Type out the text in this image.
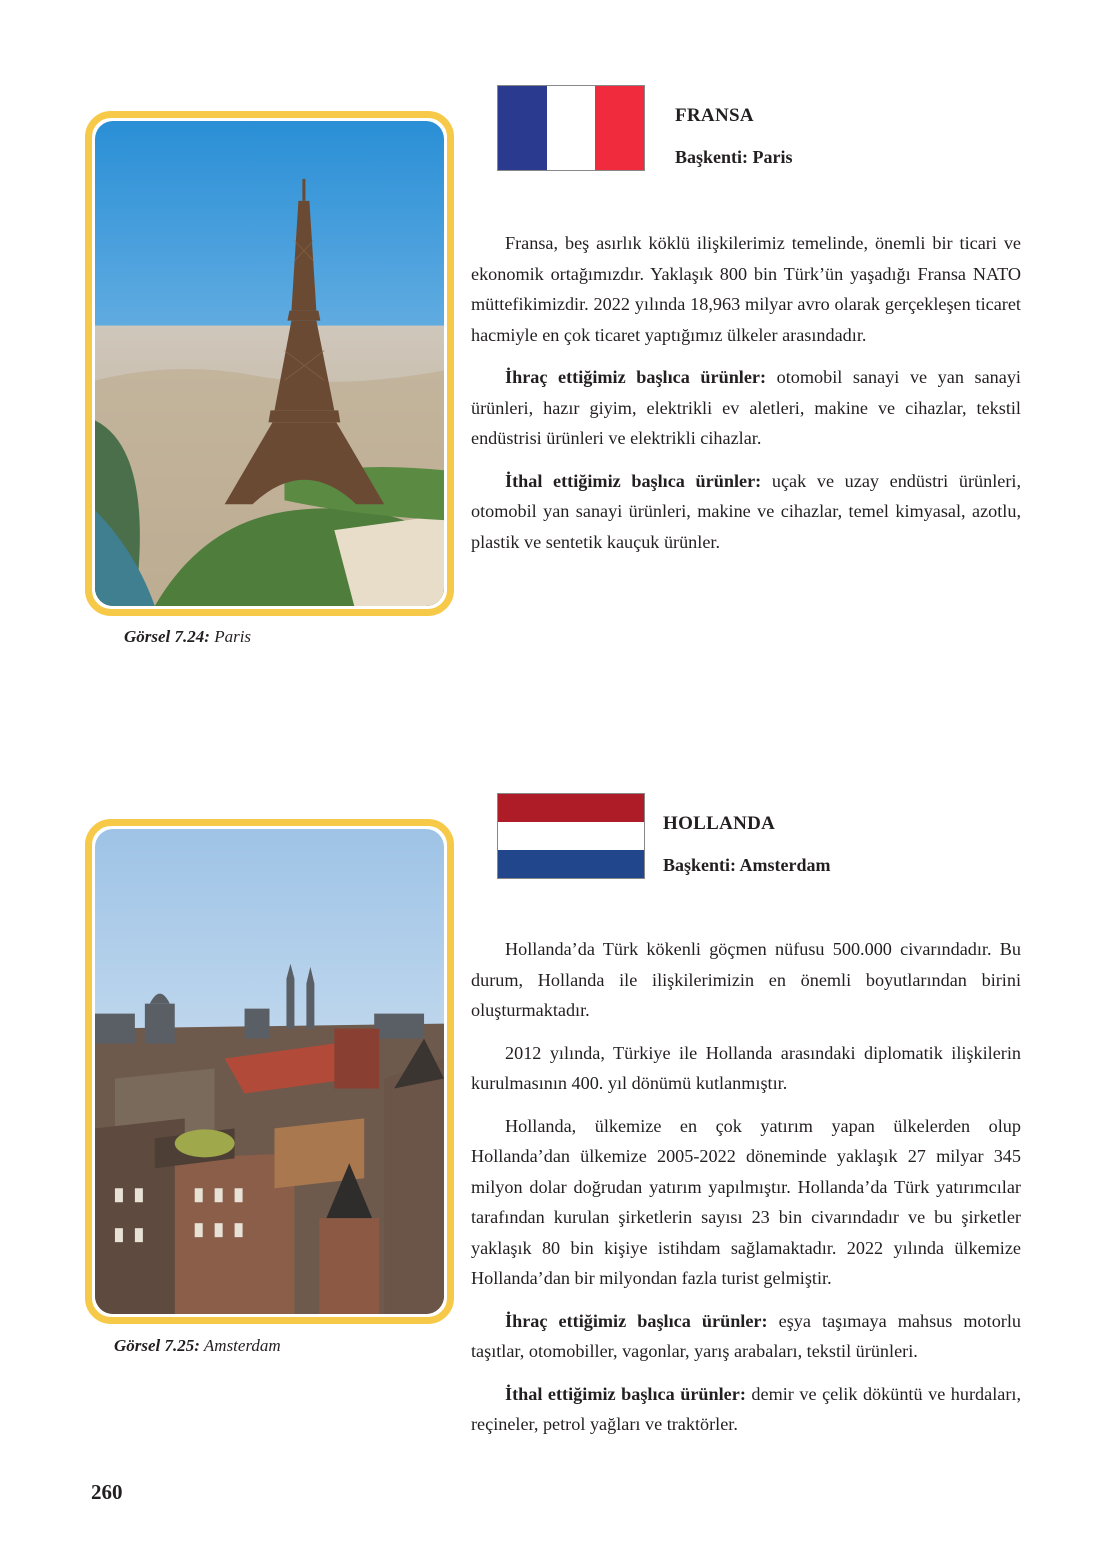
Görsel 7.24: Paris
FRANSA
Başkenti: Paris

Fransa, beş asırlık köklü ilişkilerimiz temelinde, önemli bir ticari ve ekonomik ortağımızdır. Yaklaşık 800 bin Türk’ün yaşadığı Fransa NATO müttefikimizdir. 2022 yılında 18,963 milyar avro olarak gerçekleşen ticaret hacmiyle en çok ticaret yaptığımız ülkeler arasındadır.

İhraç ettiğimiz başlıca ürünler: otomobil sanayi ve yan sanayi ürünleri, hazır giyim, elektrikli ev aletleri, makine ve cihazlar, tekstil endüstrisi ürünleri ve elektrikli cihazlar.

İthal ettiğimiz başlıca ürünler: uçak ve uzay endüstri ürünleri, otomobil yan sanayi ürünleri, makine ve cihazlar, temel kimyasal, azotlu, plastik ve sentetik kauçuk ürünler.

Görsel 7.25: Amsterdam
HOLLANDA
Başkenti: Amsterdam

Hollanda’da Türk kökenli göçmen nüfusu 500.000 civarındadır. Bu durum, Hollanda ile ilişkilerimizin en önemli boyutlarından birini oluşturmaktadır.

2012 yılında, Türkiye ile Hollanda arasındaki diplomatik ilişkilerin kurulmasının 400. yıl dönümü kutlanmıştır.

Hollanda, ülkemize en çok yatırım yapan ülkelerden olup Hollanda’dan ülkemize 2005-2022 döneminde yaklaşık 27 milyar 345 milyon dolar doğrudan yatırım yapılmıştır. Hollanda’da Türk yatırımcılar tarafından kurulan şirketlerin sayısı 23 bin civarındadır ve bu şirketler yaklaşık 80 bin kişiye istihdam sağlamaktadır. 2022 yılında ülkemize Hollanda’dan bir milyondan fazla turist gelmiştir.

İhraç ettiğimiz başlıca ürünler: eşya taşımaya mahsus motorlu taşıtlar, otomobiller, vagonlar, yarış arabaları, tekstil ürünleri.

İthal ettiğimiz başlıca ürünler: demir ve çelik döküntü ve hurdaları, reçineler, petrol yağları ve traktörler.

260
